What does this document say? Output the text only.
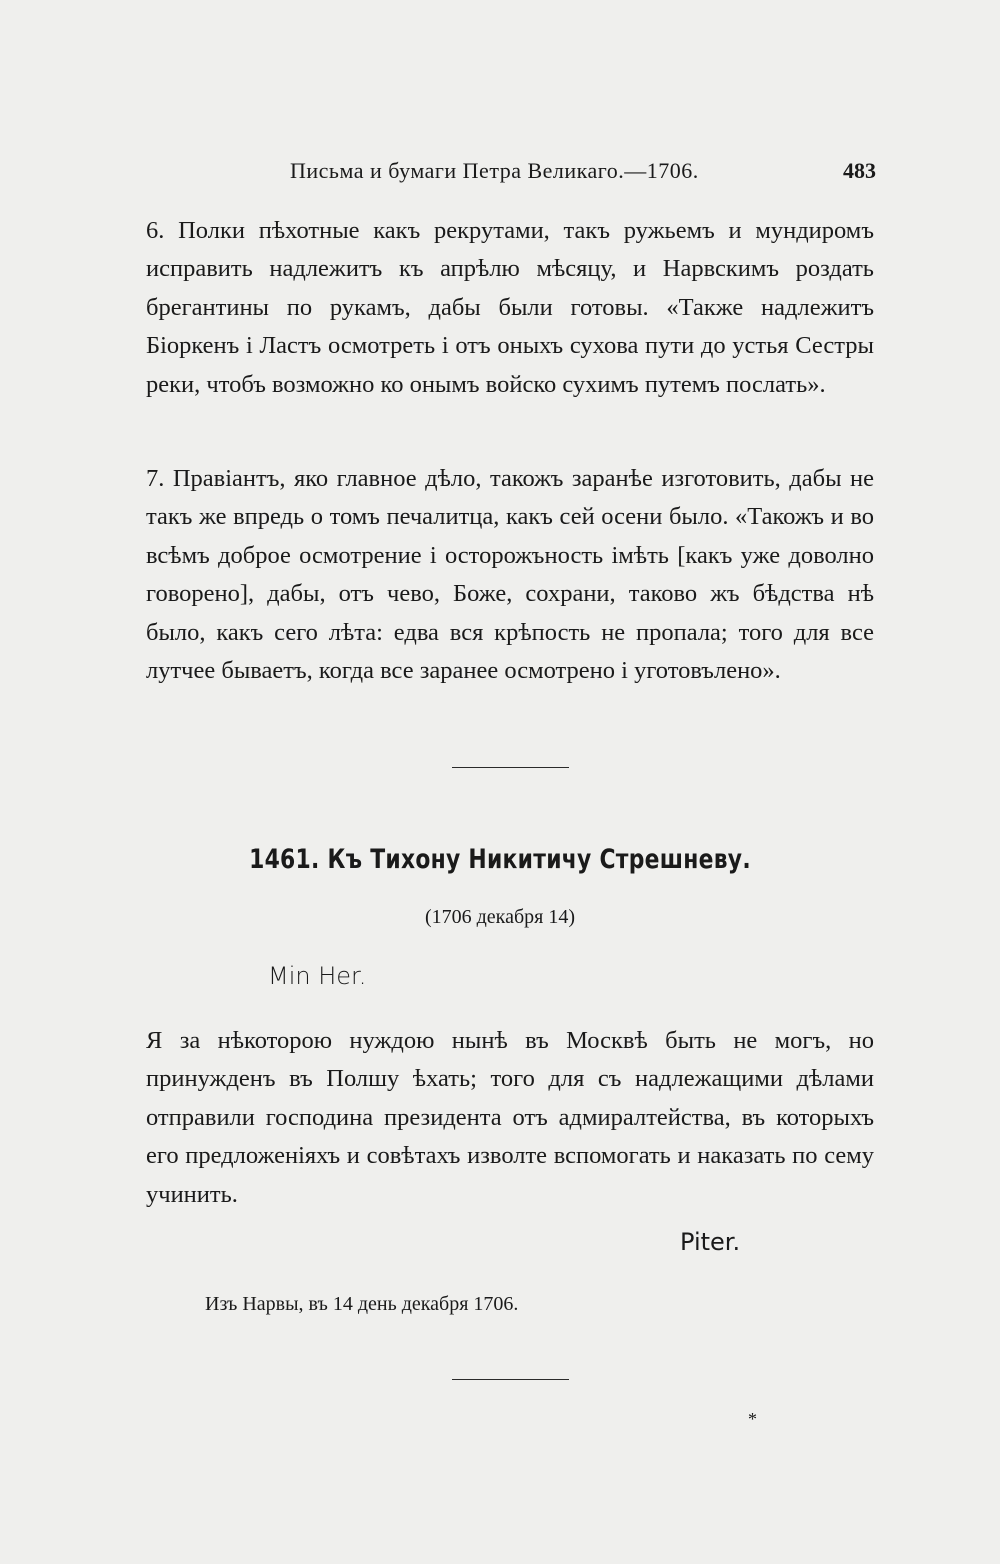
Письма и бумаги Петра Великаго.—1706.	483
6. Полки пѣхотные какъ рекрутами, такъ ружьемъ и мундиромъ исправить надлежитъ къ апрѣлю мѣсяцу, и Нарвскимъ роздать брегантины по рукамъ, дабы были готовы. «Также надлежитъ Біоркенъ і Ластъ осмотреть і отъ оныхъ сухова пути до устья Сестры реки, чтобъ возможно ко онымъ войско сухимъ путемъ послать».
7. Правіантъ, яко главное дѣло, такожъ заранѣе изготовить, дабы не такъ же впредь о томъ печалитца, какъ сей осени было. «Такожъ и во всѣмъ доброе осмотрение і осторожъность імѣть [какъ уже доволно говорено], дабы, отъ чево, Боже, сохрани, таково жъ бѣдства нѣ было, какъ сего лѣта: едва вся крѣпость не пропала; того для все лутчее бываетъ, когда все заранее осмотрено і уготовълено».
1461. Къ Тихону Никитичу Стрешневу.
(1706 декабря 14)
Min Her.
Я за нѣкоторою нуждою нынѣ въ Москвѣ быть не могъ, но принужденъ въ Полшу ѣхать; того для съ надлежащими дѣлами отправили господина президента отъ адмиралтейства, въ которыхъ его предложеніяхъ и совѣтахъ изволте вспомогать и наказать по сему учинить.
Piter.
Изъ Нарвы, въ 14 день декабря 1706.
*
